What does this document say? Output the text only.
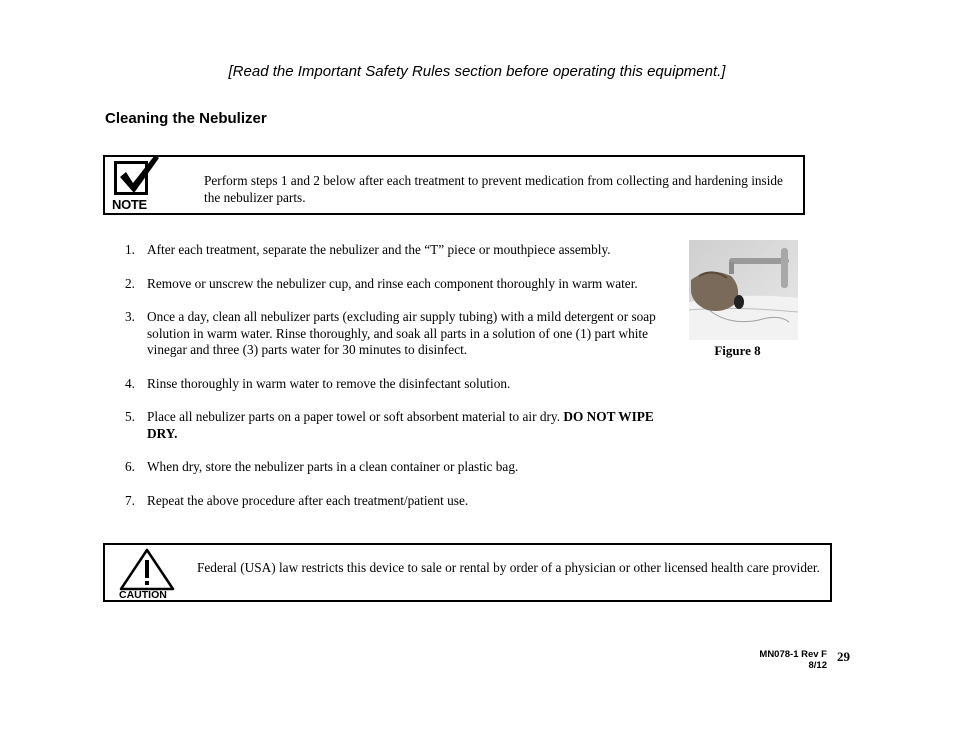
[Read the Important Safety Rules section before operating this equipment.]
Cleaning the Nebulizer
NOTE
Perform steps 1 and 2 below after each treatment to prevent medication from collecting and hardening inside the nebulizer parts.
1. After each treatment, separate the nebulizer and the “T” piece or mouthpiece assembly.
2. Remove or unscrew the nebulizer cup, and rinse each component thoroughly in warm water.
3. Once a day, clean all nebulizer parts (excluding air supply tubing) with a mild detergent or soap solution in warm water. Rinse thoroughly, and soak all parts in a solution of one (1) part white vinegar and three (3) parts water for 30 minutes to disinfect.
4. Rinse thoroughly in warm water to remove the disinfectant solution.
5. Place all nebulizer parts on a paper towel or soft absorbent material to air dry. DO NOT WIPE DRY.
6. When dry, store the nebulizer parts in a clean container or plastic bag.
7. Repeat the above procedure after each treatment/patient use.
Figure 8
CAUTION
Federal (USA) law restricts this device to sale or rental by order of a physician or other licensed health care provider.
MN078-1 Rev F
8/12
29
